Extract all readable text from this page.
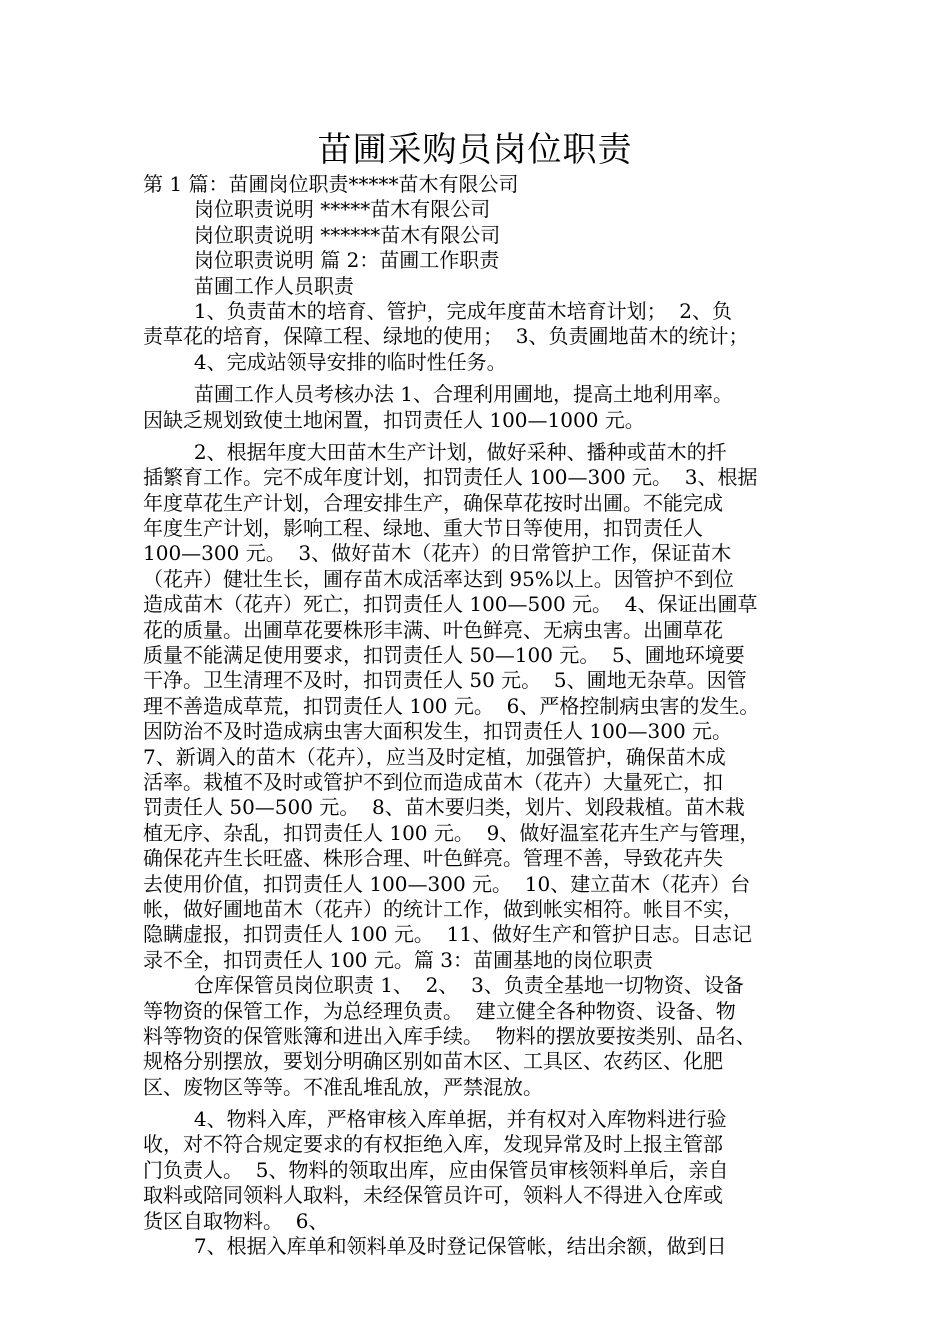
苗圃采购员岗位职责
第 1 篇：苗圃岗位职责*****苗木有限公司
岗位职责说明 *****苗木有限公司
岗位职责说明 ******苗木有限公司
岗位职责说明 篇 2：苗圃工作职责
苗圃工作人员职责
1、负责苗木的培育、管护，完成年度苗木培育计划；  2、负
责草花的培育，保障工程、绿地的使用；  3、负责圃地苗木的统计；
4、完成站领导安排的临时性任务。
苗圃工作人员考核办法 1、合理利用圃地，提高土地利用率。
因缺乏规划致使土地闲置，扣罚责任人 100—1000 元。
2、根据年度大田苗木生产计划，做好采种、播种或苗木的扦
插繁育工作。完不成年度计划，扣罚责任人 100—300 元。  3、根据
年度草花生产计划，合理安排生产，确保草花按时出圃。不能完成
年度生产计划，影响工程、绿地、重大节日等使用，扣罚责任人
100—300 元。  3、做好苗木（花卉）的日常管护工作，保证苗木
（花卉）健壮生长，圃存苗木成活率达到 95%以上。因管护不到位
造成苗木（花卉）死亡，扣罚责任人 100—500 元。  4、保证出圃草
花的质量。出圃草花要株形丰满、叶色鲜亮、无病虫害。出圃草花
质量不能满足使用要求，扣罚责任人 50—100 元。  5、圃地环境要
干净。卫生清理不及时，扣罚责任人 50 元。  5、圃地无杂草。因管
理不善造成草荒，扣罚责任人 100 元。  6、严格控制病虫害的发生。
因防治不及时造成病虫害大面积发生，扣罚责任人 100—300 元。
7、新调入的苗木（花卉），应当及时定植，加强管护，确保苗木成
活率。栽植不及时或管护不到位而造成苗木（花卉）大量死亡，扣
罚责任人 50—500 元。  8、苗木要归类，划片、划段栽植。苗木栽
植无序、杂乱，扣罚责任人 100 元。  9、做好温室花卉生产与管理，
确保花卉生长旺盛、株形合理、叶色鲜亮。管理不善，导致花卉失
去使用价值，扣罚责任人 100—300 元。  10、建立苗木（花卉）台
帐，做好圃地苗木（花卉）的统计工作，做到帐实相符。帐目不实，
隐瞒虚报，扣罚责任人 100 元。  11、做好生产和管护日志。日志记
录不全，扣罚责任人 100 元。篇 3：苗圃基地的岗位职责
仓库保管员岗位职责 1、  2、  3、负责全基地一切物资、设备
等物资的保管工作，为总经理负责。  建立健全各种物资、设备、物
料等物资的保管账簿和进出入库手续。  物料的摆放要按类别、品名、
规格分别摆放，要划分明确区别如苗木区、工具区、农药区、化肥
区、废物区等等。不准乱堆乱放，严禁混放。
4、物料入库，严格审核入库单据，并有权对入库物料进行验
收，对不符合规定要求的有权拒绝入库，发现异常及时上报主管部
门负责人。  5、物料的领取出库，应由保管员审核领料单后，亲自
取料或陪同领料人取料，未经保管员许可，领料人不得进入仓库或
货区自取物料。  6、
7、根据入库单和领料单及时登记保管帐，结出余额，做到日
